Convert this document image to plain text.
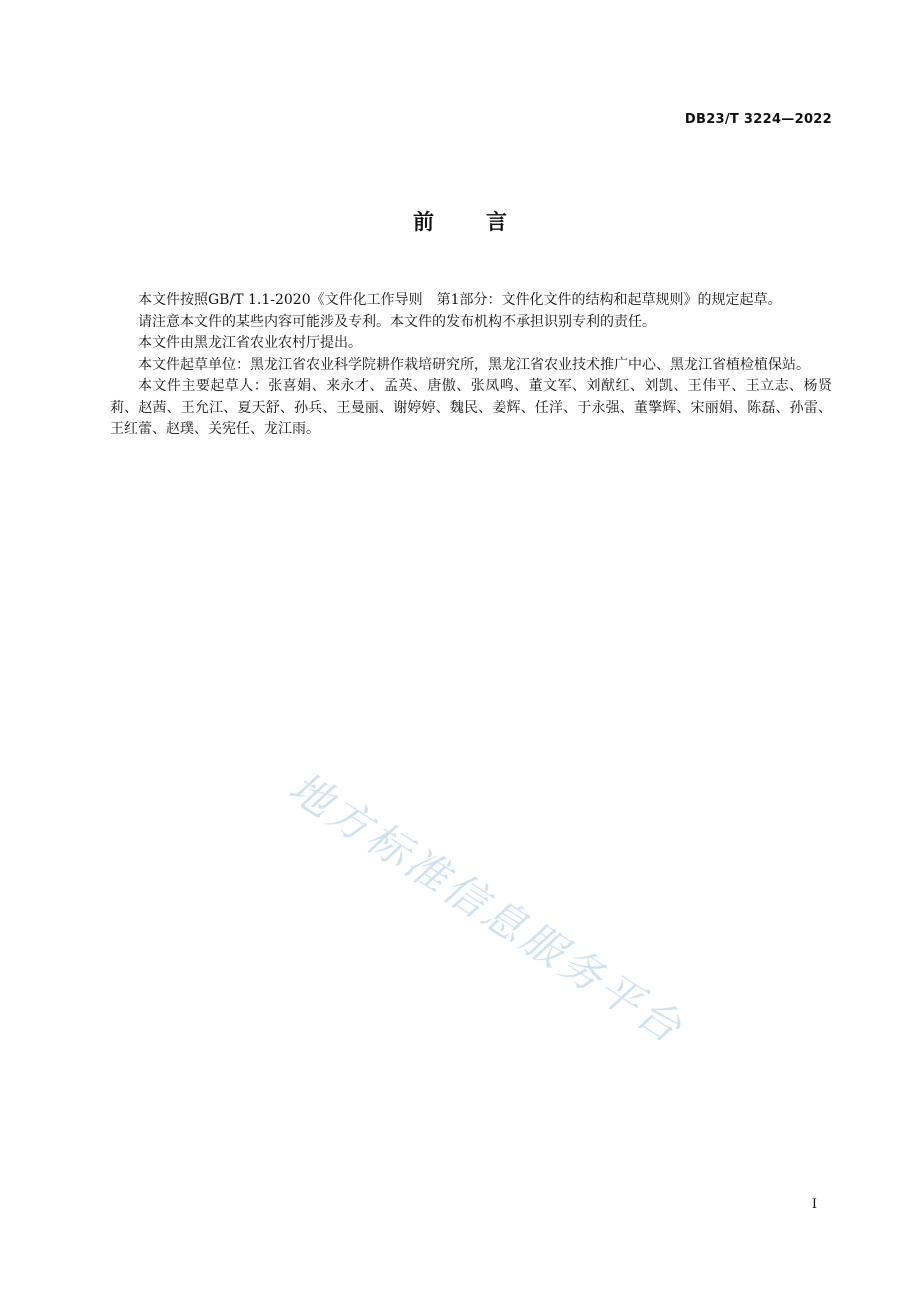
DB23/T 3224—2022
前言

本文件按照GB/T 1.1-2020《文件化工作导则　第1部分：文件化文件的结构和起草规则》的规定起草。

请注意本文件的某些内容可能涉及专利。本文件的发布机构不承担识别专利的责任。

本文件由黑龙江省农业农村厅提出。

本文件起草单位：黑龙江省农业科学院耕作栽培研究所，黑龙江省农业技术推广中心、黑龙江省植检植保站。

本文件主要起草人：张喜娟、来永才、孟英、唐傲、张凤鸣、董文军、刘猷红、刘凯、王伟平、王立志、杨贤莉、赵茜、王允江、夏天舒、孙兵、王曼丽、谢婷婷、魏民、姜辉、任洋、于永强、董擎辉、宋丽娟、陈磊、孙雷、王红蕾、赵璞、关宪任、龙江雨。

地方标准信息服务平台
I
